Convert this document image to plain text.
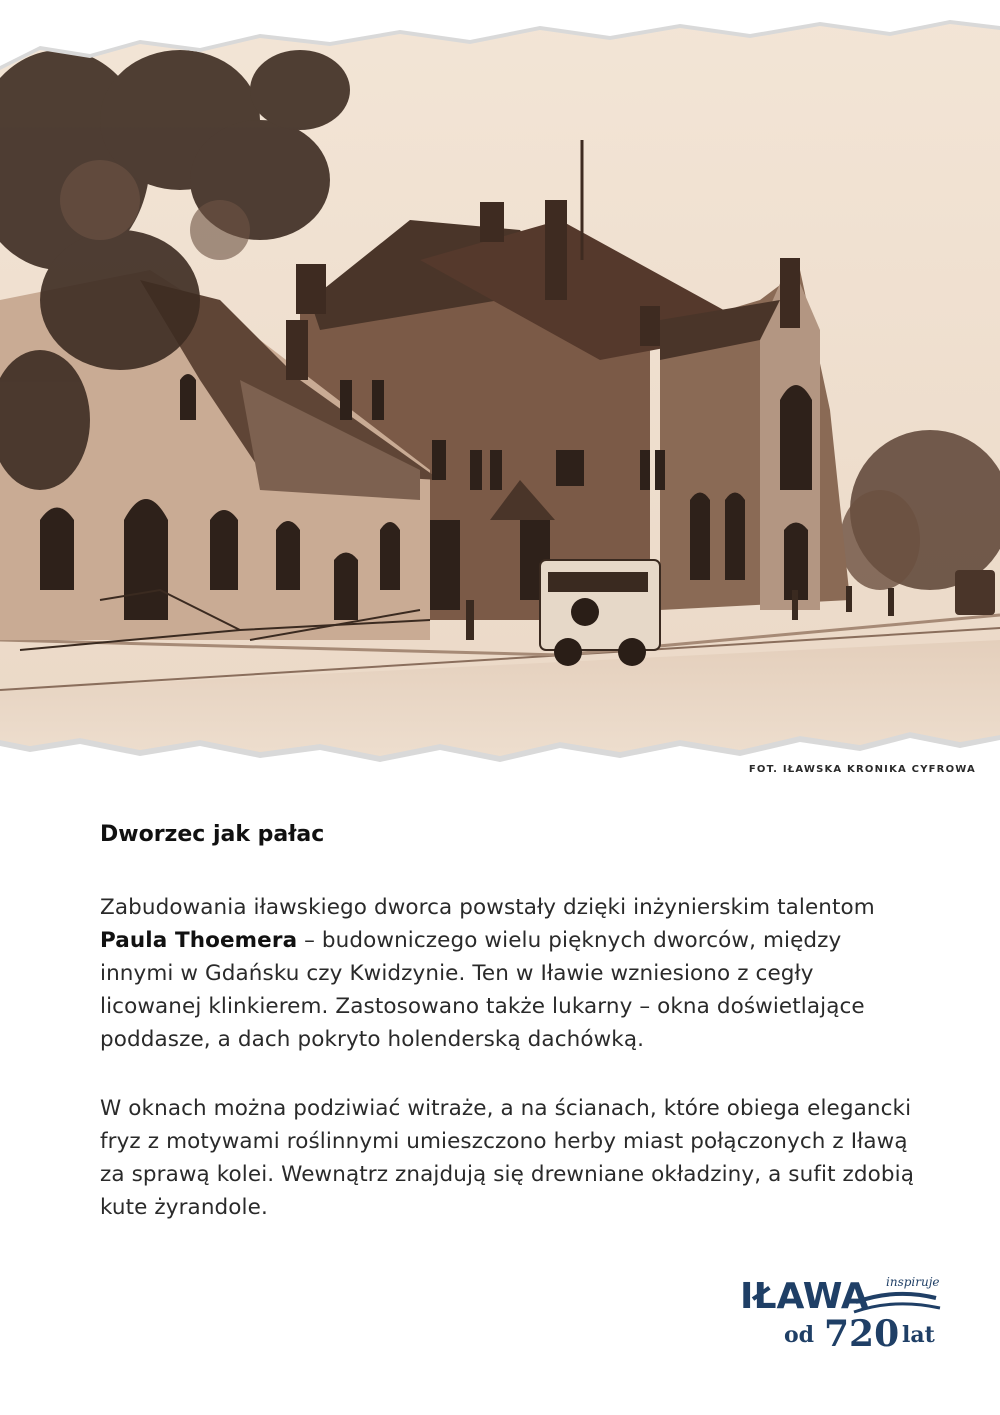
FOT. IŁAWSKA KRONIKA CYFROWA
Dworzec jak pałac

Zabudowania iławskiego dworca powstały dzięki inżynierskim talentom Paula Thoemera – budowniczego wielu pięknych dworców, między innymi w Gdańsku czy Kwidzynie. Ten w Iławie wzniesiono z cegły licowanej klinkierem. Zastosowano także lukarny – okna doświetlające poddasze, a dach pokryto holenderską dachówką.

W oknach można podziwiać witraże, a na ścianach, które obiega elegancki fryz z motywami roślinnymi umieszczono herby miast połączonych z Iławą za sprawą kolei. Wewnątrz znajdują się drewniane okładziny, a sufit zdobią kute żyrandole.

IŁAWA inspiruje
od 720 lat
